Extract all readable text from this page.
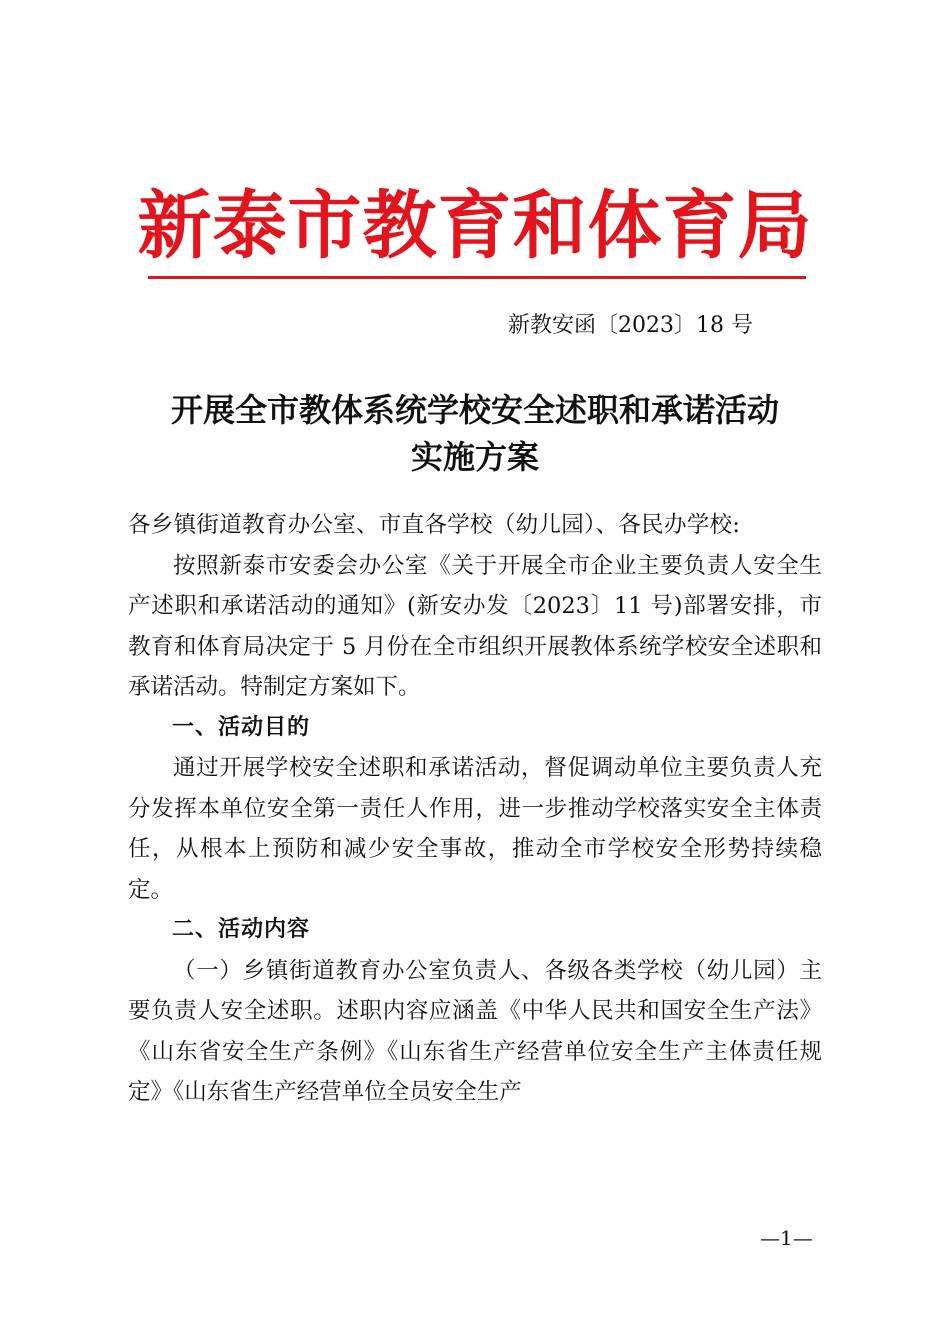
新泰市教育和体育局
新教安函〔2023〕18 号
开展全市教体系统学校安全述职和承诺活动
实施方案

各乡镇街道教育办公室、市直各学校（幼儿园）、各民办学校:

按照新泰市安委会办公室《关于开展全市企业主要负责人安全生产述职和承诺活动的通知》(新安办发〔2023〕11 号)部署安排，市教育和体育局决定于 5 月份在全市组织开展教体系统学校安全述职和承诺活动。特制定方案如下。

一、活动目的

通过开展学校安全述职和承诺活动，督促调动单位主要负责人充分发挥本单位安全第一责任人作用，进一步推动学校落实安全主体责任，从根本上预防和减少安全事故，推动全市学校安全形势持续稳定。

二、活动内容

（一）乡镇街道教育办公室负责人、各级各类学校（幼儿园）主要负责人安全述职。述职内容应涵盖《中华人民共和国安全生产法》《山东省安全生产条例》《山东省生产经营单位安全生产主体责任规定》《山东省生产经营单位全员安全生产

—1—
